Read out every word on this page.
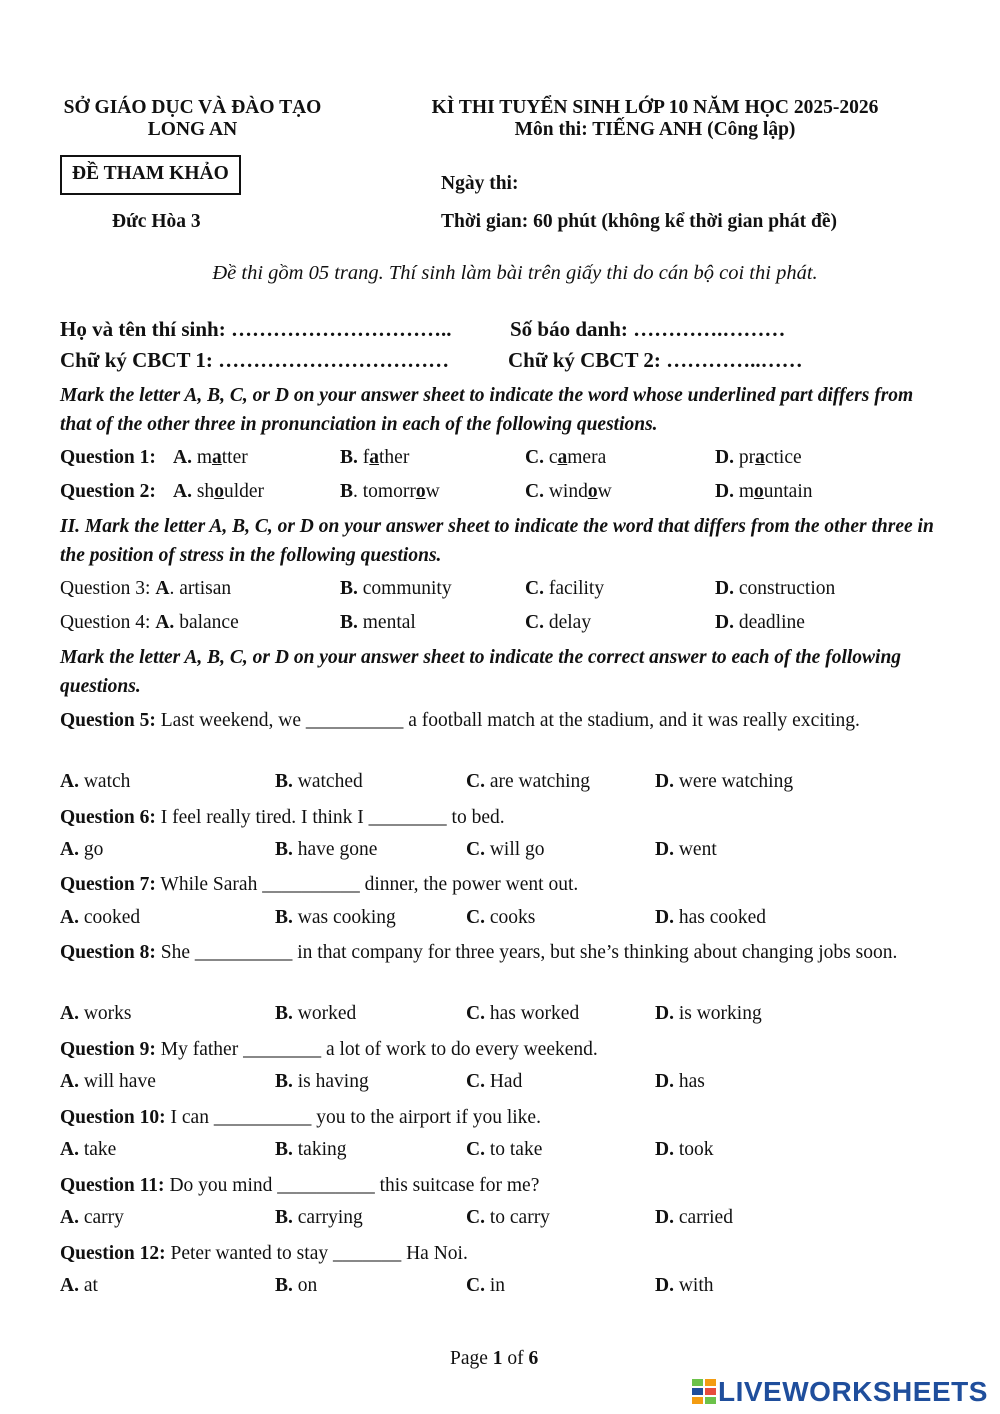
SỞ GIÁO DỤC VÀ ĐÀO TẠO
LONG AN
KÌ THI TUYỂN SINH LỚP 10 NĂM HỌC 2025-2026
Môn thi: TIẾNG ANH (Công lập)
ĐỀ THAM KHẢO	Ngày thi:
Đức Hòa 3	Thời gian: 60 phút (không kể thời gian phát đề)
Đề thi gồm 05 trang. Thí sinh làm bài trên giấy thi do cán bộ coi thi phát.
Họ và tên thí sinh: …………………………..	Số báo danh: ………….………
Chữ ký CBCT 1: ……………………………	Chữ ký CBCT 2: …………..……
Mark the letter A, B, C, or D on your answer sheet to indicate the word whose underlined part differs from that of the other three in pronunciation in each of the following questions.
Question 1: A. matter	B. father	C. camera	D. practice
Question 2: A. shoulder	B. tomorrow	C. window	D. mountain
II. Mark the letter A, B, C, or D on your answer sheet to indicate the word that differs from the other three in the position of stress in the following questions.
Question 3: A. artisan	B. community	C. facility	D. construction
Question 4: A. balance	B. mental	C. delay	D. deadline
Mark the letter A, B, C, or D on your answer sheet to indicate the correct answer to each of the following questions.
Question 5: Last weekend, we __________ a football match at the stadium, and it was really exciting.
A. watch	B. watched	C. are watching	D. were watching
Question 6: I feel really tired. I think I ________ to bed.
A. go	B. have gone	C. will go	D. went
Question 7: While Sarah __________ dinner, the power went out.
A. cooked	B. was cooking	C. cooks	D. has cooked
Question 8: She __________ in that company for three years, but she’s thinking about changing jobs soon.
A. works	B. worked	C. has worked	D. is working
Question 9: My father ________ a lot of work to do every weekend.
A. will have	B. is having	C. Had	D. has
Question 10: I can __________ you to the airport if you like.
A. take	B. taking	C. to take	D. took
Question 11: Do you mind __________ this suitcase for me?
A. carry	B. carrying	C. to carry	D. carried
Question 12: Peter wanted to stay _______ Ha Noi.
A. at	B. on	C. in	D. with
Page 1 of 6
LIVEWORKSHEETS
